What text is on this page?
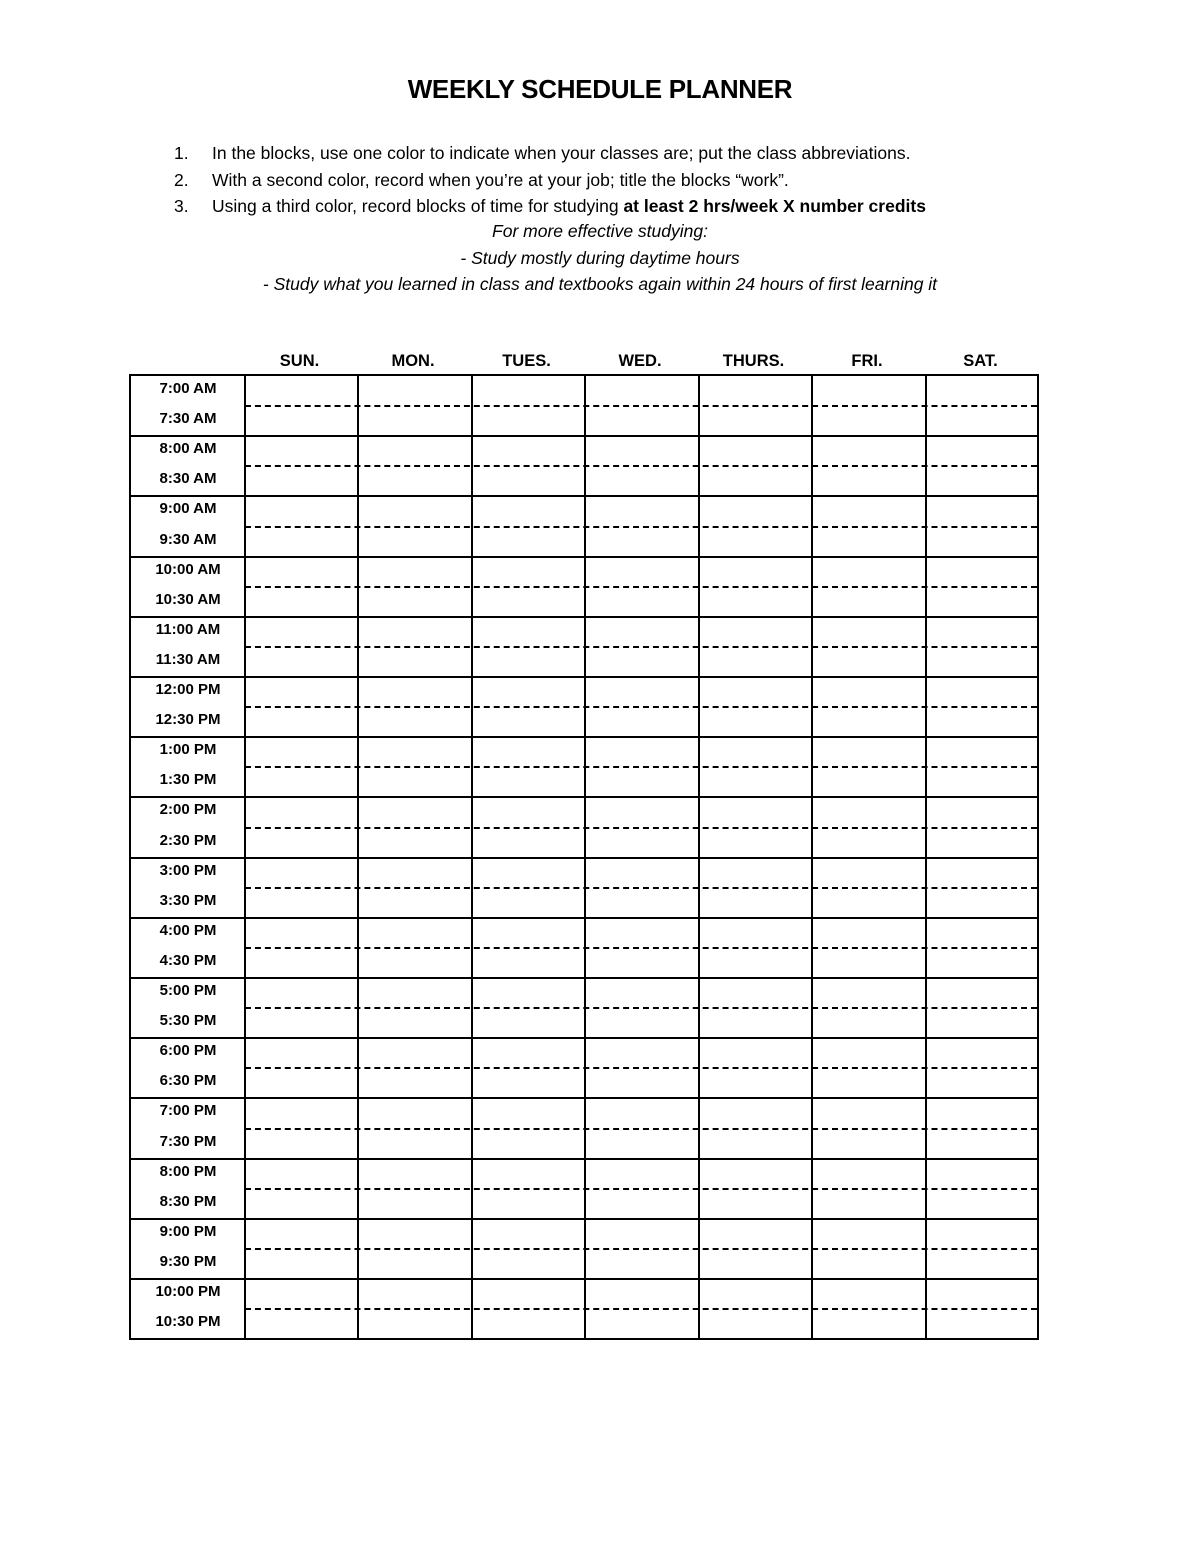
WEEKLY SCHEDULE PLANNER
1. In the blocks, use one color to indicate when your classes are; put the class abbreviations.
2. With a second color, record when you’re at your job; title the blocks “work”.
3. Using a third color, record blocks of time for studying at least 2 hrs/week X number credits
For more effective studying:
- Study mostly during daytime hours
- Study what you learned in class and textbooks again within 24 hours of first learning it
SUN.	MON.	TUES.	WED.	THURS.	FRI.	SAT.
7:00 AM
7:30 AM
8:00 AM
8:30 AM
9:00 AM
9:30 AM
10:00 AM
10:30 AM
11:00 AM
11:30 AM
12:00 PM
12:30 PM
1:00 PM
1:30 PM
2:00 PM
2:30 PM
3:00 PM
3:30 PM
4:00 PM
4:30 PM
5:00 PM
5:30 PM
6:00 PM
6:30 PM
7:00 PM
7:30 PM
8:00 PM
8:30 PM
9:00 PM
9:30 PM
10:00 PM
10:30 PM
